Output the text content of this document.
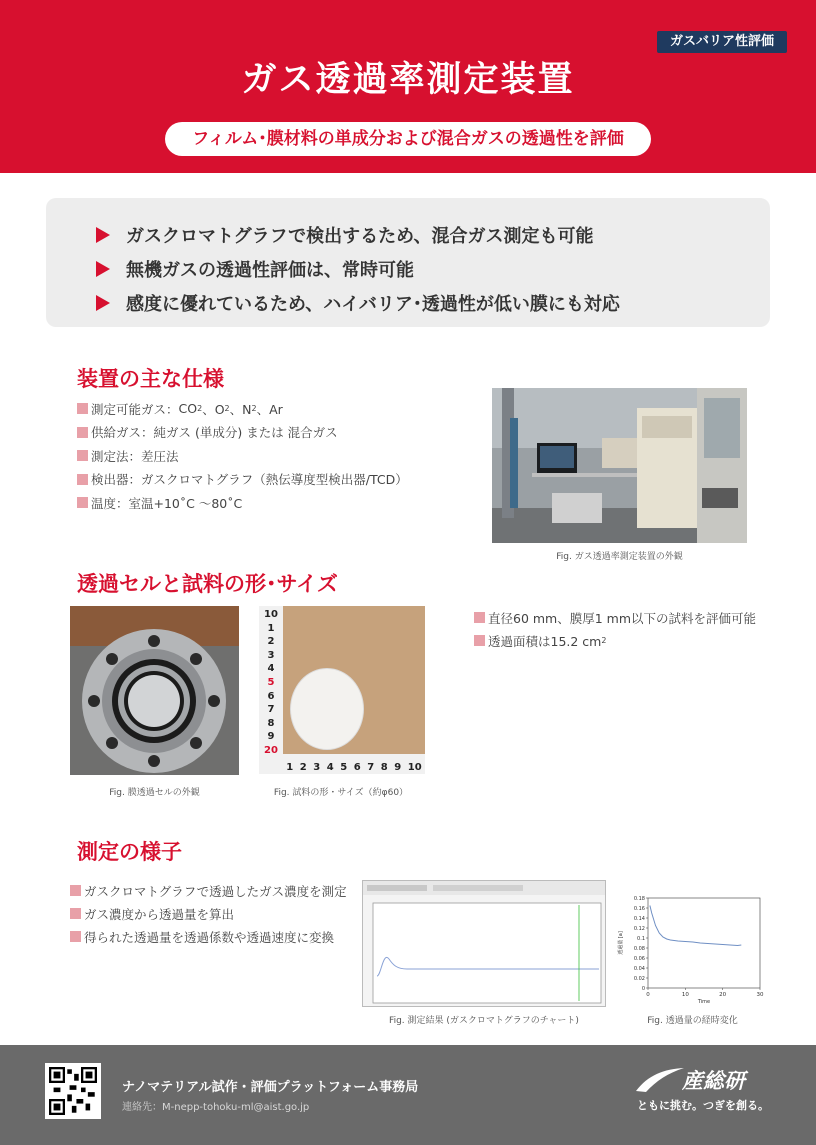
ガスバリア性評価
ガス透過率測定装置
フィルム･膜材料の単成分および混合ガスの透過性を評価
ガスクロマトグラフで検出するため、混合ガス測定も可能
無機ガスの透過性評価は、常時可能
感度に優れているため、ハイバリア･透過性が低い膜にも対応
装置の主な仕様
測定可能ガス： CO 2 、O 2 、N 2 、Ar
供給ガス：純ガス (単成分) または 混合ガス
測定法：差圧法
検出器：ガスクロマトグラフ（熱伝導度型検出器/TCD）
温度：室温+10˚C ～80˚C
Fig. ガス透過率測定装置の外観
透過セルと試料の形･サイズ
Fig. 膜透過セルの外観
10
1
2
3
4
5
6
7
8
9
20
1 2 3 4 5 6 7 8 9 10
Fig. 試料の形・サイズ（約φ60）
直径60 mm、膜厚1 mm以下の試料を評価可能
透過面積は15.2 cm 2
測定の様子
ガスクロマトグラフで透過したガス濃度を測定
ガス濃度から透過量を算出
得られた透過量を透過係数や透過速度に変換
Fig. 測定結果 (ガスクロマトグラフのチャート)
0
0.02
0.04
0.06
0.08
0.1
0.12
0.14
0.16
0.18
0	10	20	30
Time
透過量 [a]
Fig. 透過量の経時変化
ナノマテリアル試作・評価プラットフォーム事務局
連絡先：M-nepp-tohoku-ml@aist.go.jp
産総研
ともに挑む。つぎを創る。
